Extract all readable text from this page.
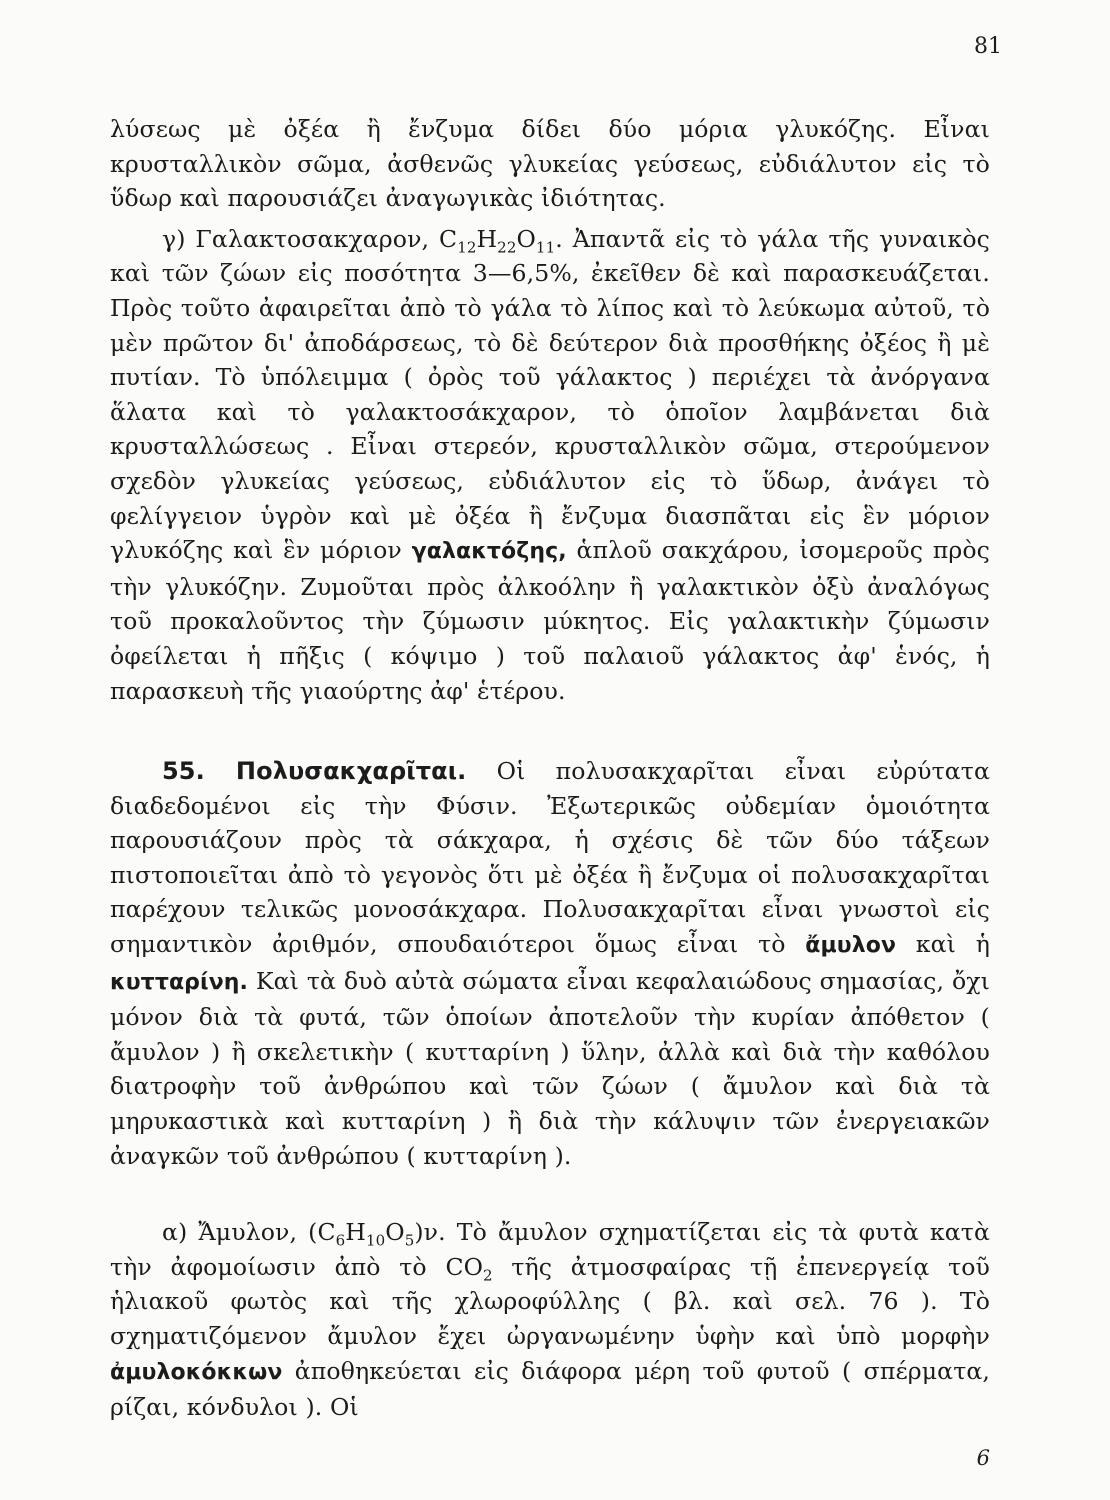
81

λύσεως μὲ ὀξέα ἢ ἔνζυμα δίδει δύο μόρια γλυκόζης. Εἶναι κρυσταλλικὸν σῶμα, ἀσθενῶς γλυκείας γεύσεως, εὐδιάλυτον εἰς τὸ ὕδωρ καὶ παρουσιάζει ἀναγωγικὰς ἰδιότητας.

γ) Γαλακτοσακχαρον, $C_{12}H_{22}O_{11}$. Ἀπαντᾶ εἰς τὸ γάλα τῆς γυναικὸς καὶ τῶν ζώων εἰς ποσότητα 3—6,5%, ἐκεῖθεν δὲ καὶ παρασκευάζεται. Πρὸς τοῦτο ἀφαιρεῖται ἀπὸ τὸ γάλα τὸ λίπος καὶ τὸ λεύκωμα αὐτοῦ, τὸ μὲν πρῶτον δι' ἀποδάρσεως, τὸ δὲ δεύτερον διὰ προσθήκης ὀξέος ἢ μὲ πυτίαν. Τὸ ὑπόλειμμα ( ὀρὸς τοῦ γάλακτος ) περιέχει τὰ ἀνόργανα ἅλατα καὶ τὸ γαλακτοσάκχαρον, τὸ ὁποῖον λαμβάνεται διὰ κρυσταλλώσεως . Εἶναι στερεόν, κρυσταλλικὸν σῶμα, στερούμενον σχεδὸν γλυκείας γεύσεως, εὐδιάλυτον εἰς τὸ ὕδωρ, ἀνάγει τὸ φελίγγειον ὑγρὸν καὶ μὲ ὀξέα ἢ ἔνζυμα διασπᾶται εἰς ἓν μόριον γλυκόζης καὶ ἓν μόριον γαλακτόζης, ἁπλοῦ σακχάρου, ἰσομεροῦς πρὸς τὴν γλυκόζην. Ζυμοῦται πρὸς ἀλκοόλην ἢ γαλακτικὸν ὀξὺ ἀναλόγως τοῦ προκαλοῦντος τὴν ζύμωσιν μύκητος. Εἰς γαλακτικὴν ζύμωσιν ὀφείλεται ἡ πῆξις ( κόψιμο ) τοῦ παλαιοῦ γάλακτος ἀφ' ἑνός, ἡ παρασκευὴ τῆς γιαούρτης ἀφ' ἑτέρου.

55. Πολυσακχαρῖται. Οἱ πολυσακχαρῖται εἶναι εὐρύτατα διαδεδομένοι εἰς τὴν Φύσιν. Ἐξωτερικῶς οὐδεμίαν ὁμοιότητα παρουσιάζουν πρὸς τὰ σάκχαρα, ἡ σχέσις δὲ τῶν δύο τάξεων πιστοποιεῖται ἀπὸ τὸ γεγονὸς ὅτι μὲ ὀξέα ἢ ἔνζυμα οἱ πολυσακχαρῖται παρέχουν τελικῶς μονοσάκχαρα. Πολυσακχαρῖται εἶναι γνωστοὶ εἰς σημαντικὸν ἀριθμόν, σπουδαιότεροι ὅμως εἶναι τὸ ἄμυλον καὶ ἡ κυτταρίνη. Καὶ τὰ δυὸ αὐτὰ σώματα εἶναι κεφαλαιώδους σημασίας, ὄχι μόνον διὰ τὰ φυτά, τῶν ὁποίων ἀποτελοῦν τὴν κυρίαν ἀπόθετον ( ἄμυλον ) ἢ σκελετικὴν ( κυτταρίνη ) ὕλην, ἀλλὰ καὶ διὰ τὴν καθόλου διατροφὴν τοῦ ἀνθρώπου καὶ τῶν ζώων ( ἄμυλον καὶ διὰ τὰ μηρυκαστικὰ καὶ κυτταρίνη ) ἢ διὰ τὴν κάλυψιν τῶν ἐνεργειακῶν ἀναγκῶν τοῦ ἀνθρώπου ( κυτταρίνη ).

α) Ἄμυλον, $(C_6H_{10}O_5)\nu$. Τὸ ἄμυλον σχηματίζεται εἰς τὰ φυτὰ κατὰ τὴν ἀφομοίωσιν ἀπὸ τὸ $CO_2$ τῆς ἀτμοσφαίρας τῇ ἐπενεργείᾳ τοῦ ἡλιακοῦ φωτὸς καὶ τῆς χλωροφύλλης ( βλ. καὶ σελ. 76 ). Τὸ σχηματιζόμενον ἄμυλον ἔχει ὠργανωμένην ὑφὴν καὶ ὑπὸ μορφὴν ἀμυλοκόκκων ἀποθηκεύεται εἰς διάφορα μέρη τοῦ φυτοῦ ( σπέρματα, ρίζαι, κόνδυλοι ). Οἱ

6
